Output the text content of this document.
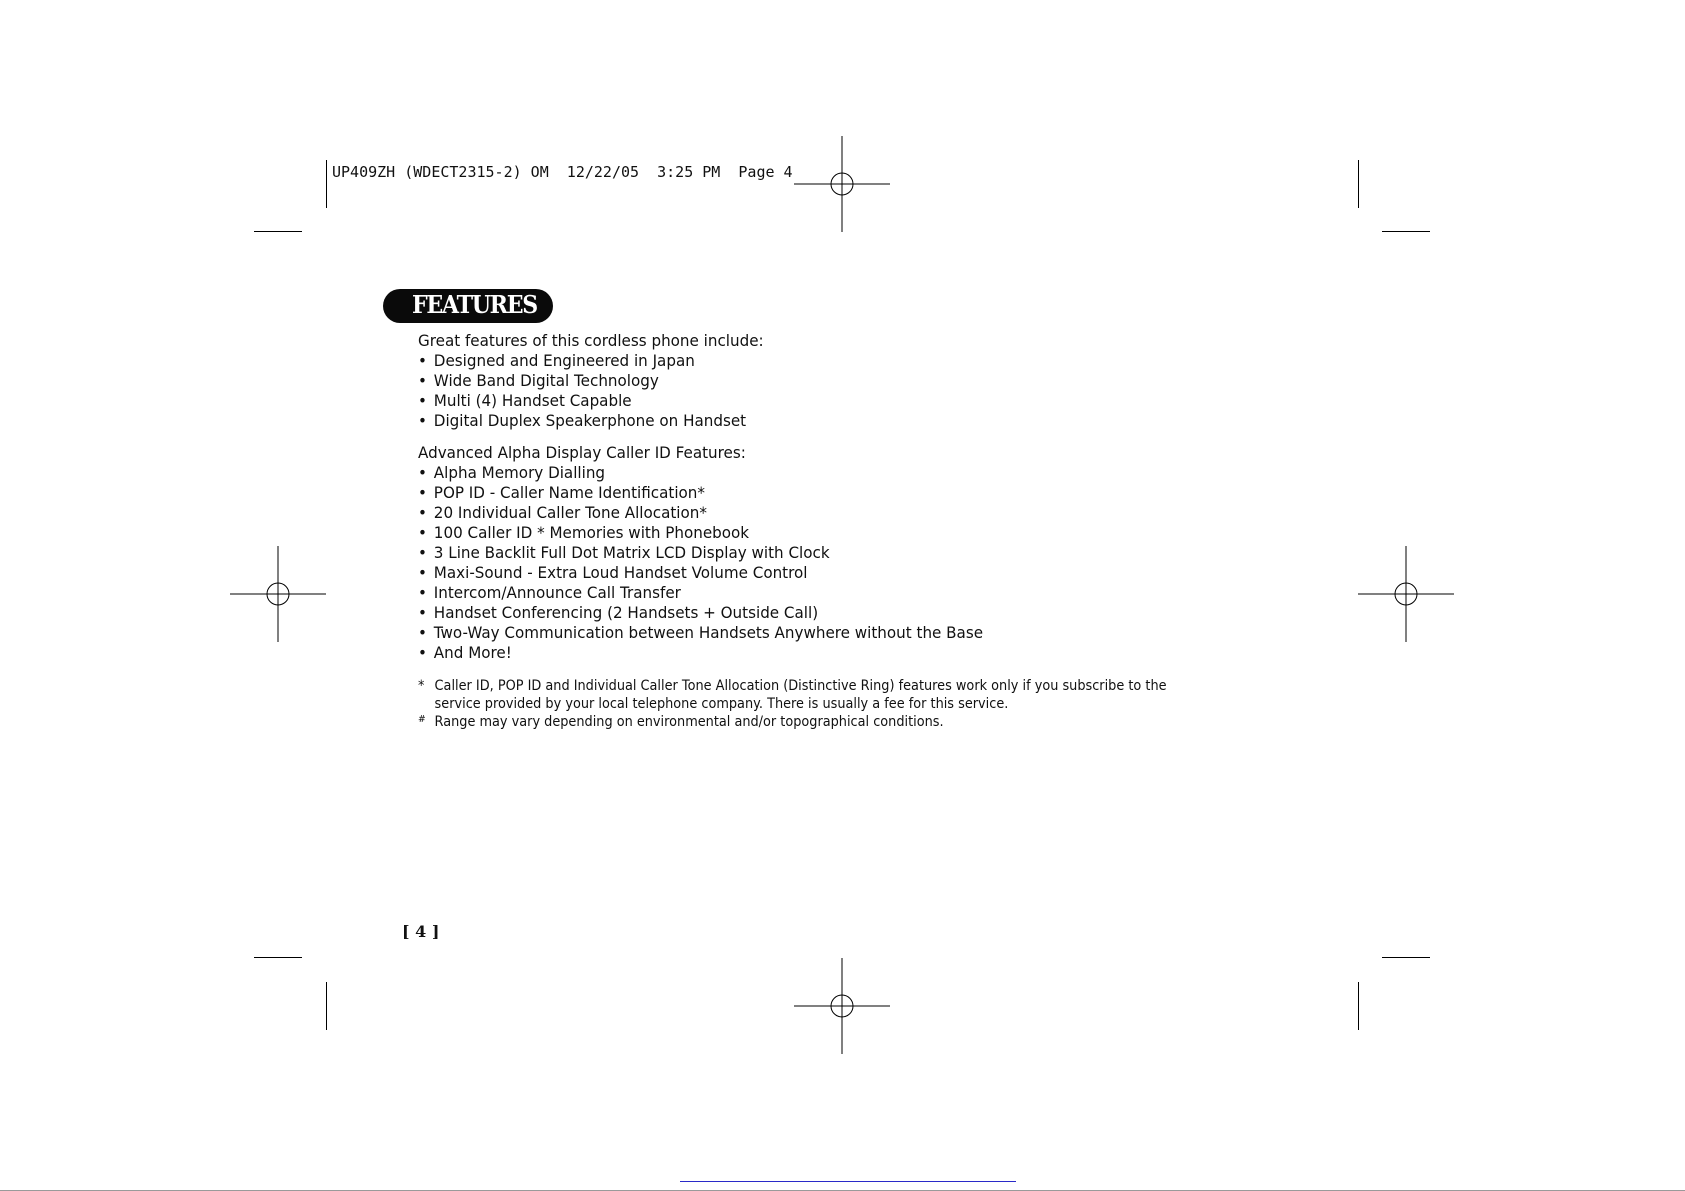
UP409ZH (WDECT2315-2) OM  12/22/05  3:25 PM  Page 4
FEATURES

Great features of this cordless phone include:

• Designed and Engineered in Japan
• Wide Band Digital Technology
• Multi (4) Handset Capable
• Digital Duplex Speakerphone on Handset

Advanced Alpha Display Caller ID Features:

• Alpha Memory Dialling
• POP ID - Caller Name Identification*
• 20 Individual Caller Tone Allocation*
• 100 Caller ID * Memories with Phonebook
• 3 Line Backlit Full Dot Matrix LCD Display with Clock
• Maxi-Sound - Extra Loud Handset Volume Control
• Intercom/Announce Call Transfer
• Handset Conferencing (2 Handsets + Outside Call)
• Two-Way Communication between Handsets Anywhere without the Base
• And More!
* Caller ID, POP ID and Individual Caller Tone Allocation (Distinctive Ring) features work only if you subscribe to the service provided by your local telephone company. There is usually a fee for this service.
# Range may vary depending on environmental and/or topographical conditions.
[ 4 ]
